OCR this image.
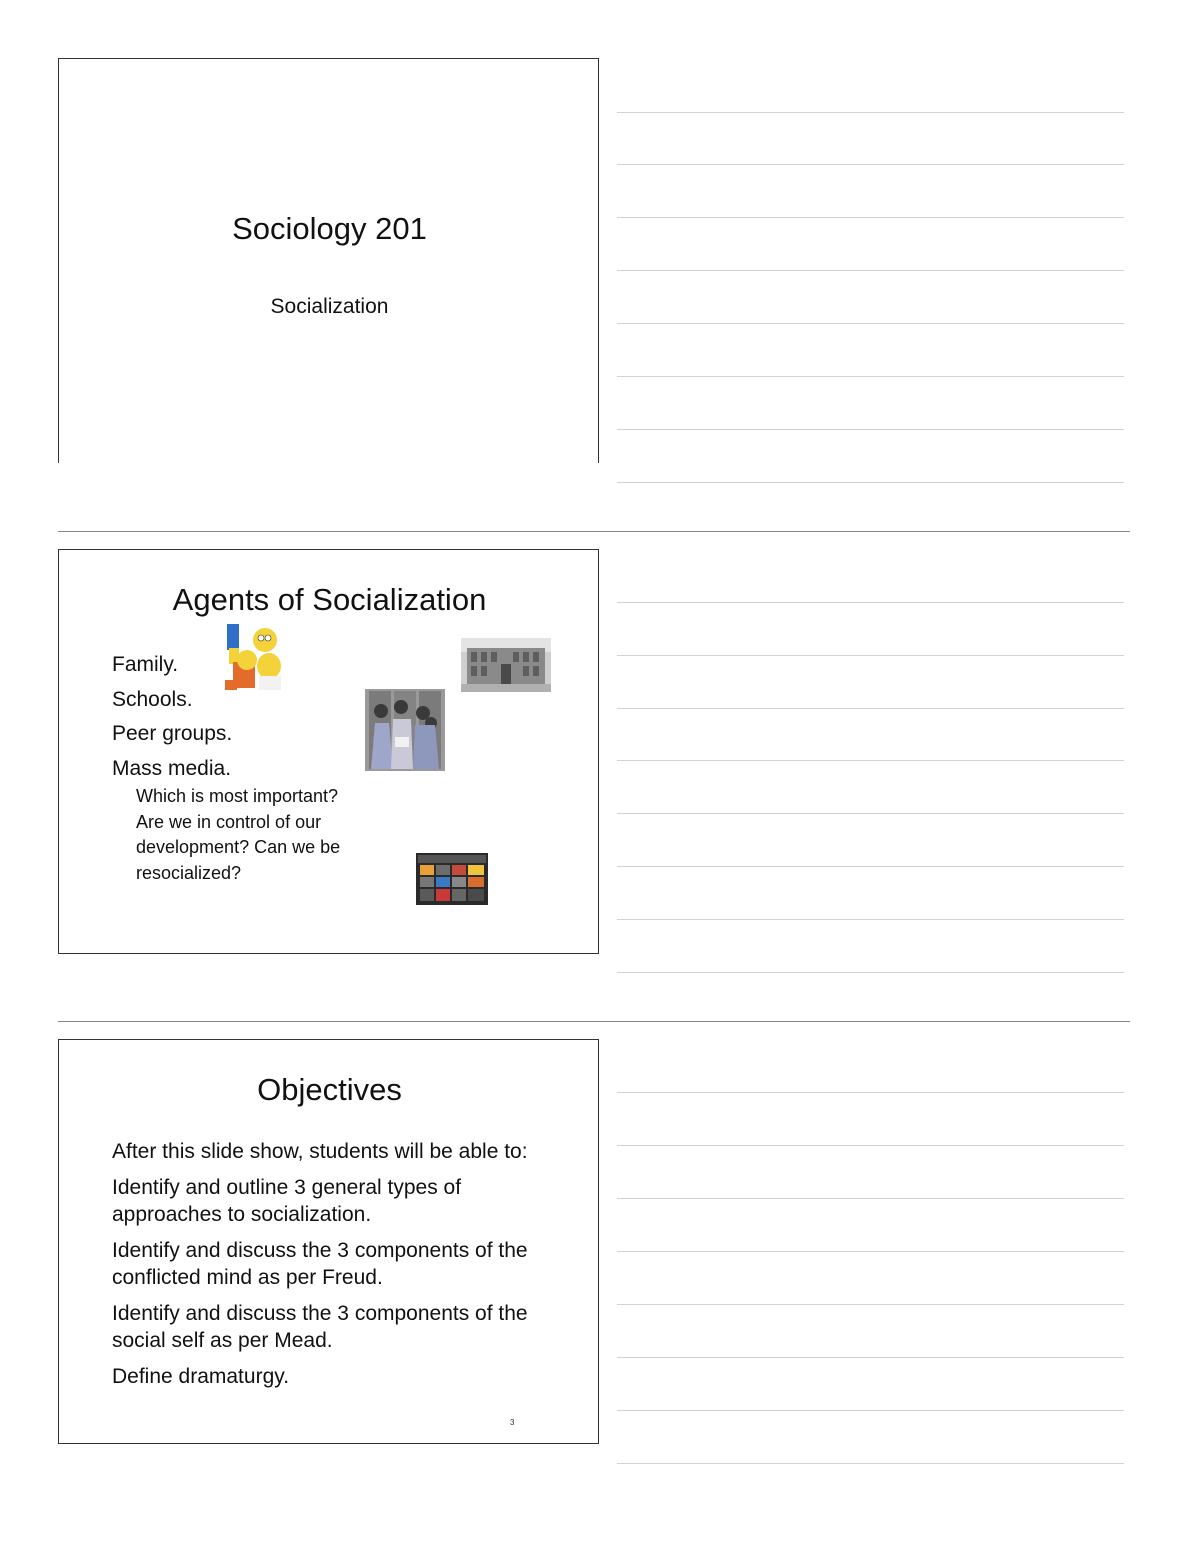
Sociology 201
Socialization
Agents of Socialization
Family.
Schools.
Peer groups.
Mass media.
Which is most important? Are we in control of our development? Can we be resocialized?
Objectives

After this slide show, students will be able to:

Identify and outline 3 general types of approaches to socialization.

Identify and discuss the 3 components of the conflicted mind as per Freud.

Identify and discuss the 3 components of the social self as per Mead.

Define dramaturgy.

3
